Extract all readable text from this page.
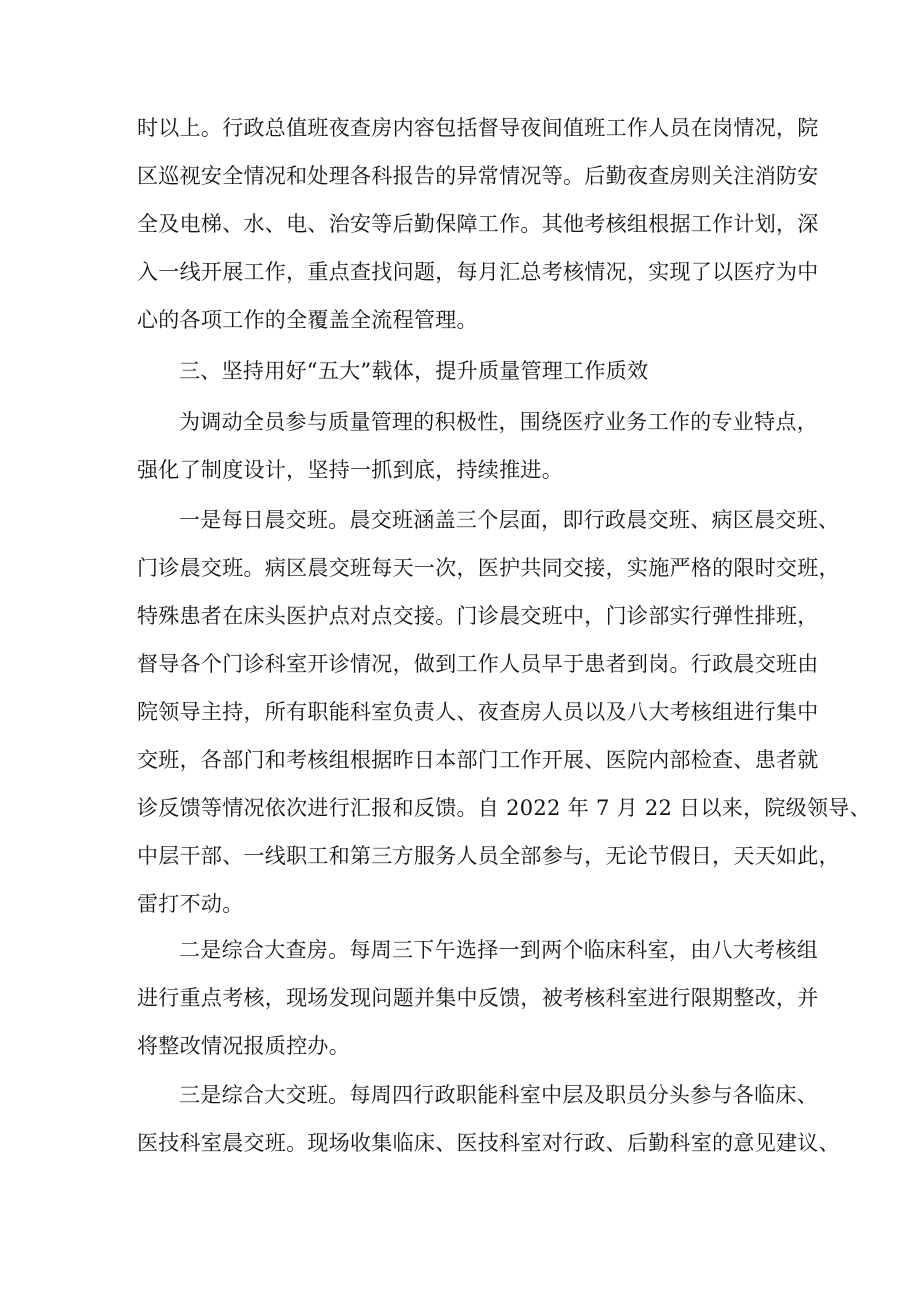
时以上。行政总值班夜查房内容包括督导夜间值班工作人员在岗情况，院
区巡视安全情况和处理各科报告的异常情况等。后勤夜查房则关注消防安
全及电梯、水、电、治安等后勤保障工作。其他考核组根据工作计划，深
入一线开展工作，重点查找问题，每月汇总考核情况，实现了以医疗为中
心的各项工作的全覆盖全流程管理。
三、坚持用好“五大”载体，提升质量管理工作质效
为调动全员参与质量管理的积极性，围绕医疗业务工作的专业特点，
强化了制度设计，坚持一抓到底，持续推进。
一是每日晨交班。晨交班涵盖三个层面，即行政晨交班、病区晨交班、
门诊晨交班。病区晨交班每天一次，医护共同交接，实施严格的限时交班，
特殊患者在床头医护点对点交接。门诊晨交班中，门诊部实行弹性排班，
督导各个门诊科室开诊情况，做到工作人员早于患者到岗。行政晨交班由
院领导主持，所有职能科室负责人、夜查房人员以及八大考核组进行集中
交班，各部门和考核组根据昨日本部门工作开展、医院内部检查、患者就
诊反馈等情况依次进行汇报和反馈。自 2022 年 7 月 22 日以来，院级领导、
中层干部、一线职工和第三方服务人员全部参与，无论节假日，天天如此，
雷打不动。
二是综合大查房。每周三下午选择一到两个临床科室，由八大考核组
进行重点考核，现场发现问题并集中反馈，被考核科室进行限期整改，并
将整改情况报质控办。
三是综合大交班。每周四行政职能科室中层及职员分头参与各临床、
医技科室晨交班。现场收集临床、医技科室对行政、后勤科室的意见建议、
